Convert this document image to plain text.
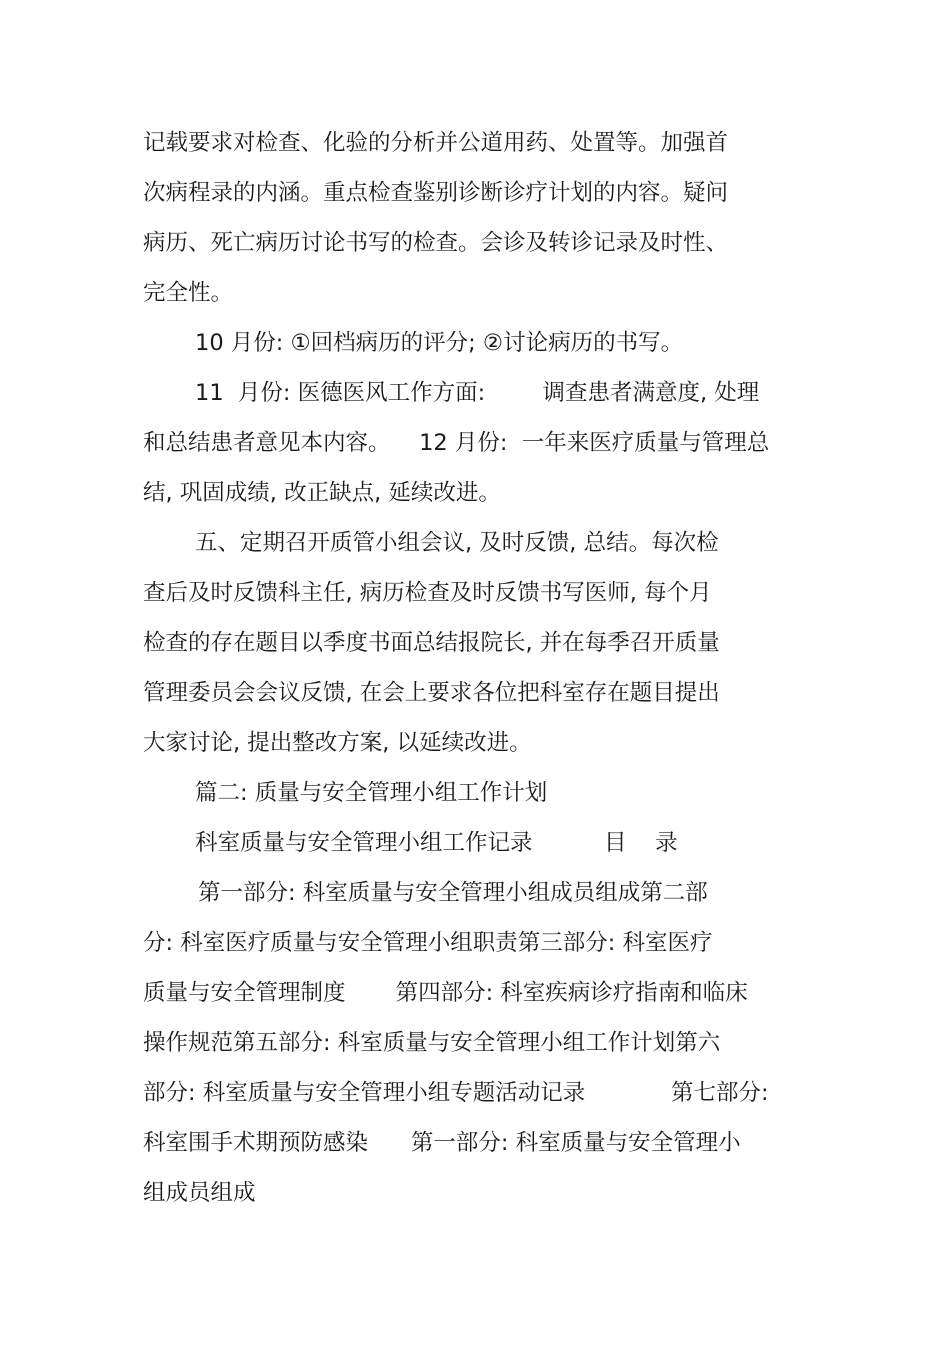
记载要求对检查、化验的分析并公道用药、处置等。加强首
次病程录的内涵。重点检查鉴别诊断诊疗计划的内容。疑问
病历、死亡病历讨论书写的检查。会诊及转诊记录及时性、
完全性。
10 月份: ①回档病历的评分; ②讨论病历的书写。
11  月份: 医德医风工作方面:        调查患者满意度, 处理
和总结患者意见本内容。    12 月份:  一年来医疗质量与管理总
结, 巩固成绩, 改正缺点, 延续改进。
五、定期召开质管小组会议, 及时反馈, 总结。每次检
查后及时反馈科主任, 病历检查及时反馈书写医师, 每个月
检查的存在题目以季度书面总结报院长, 并在每季召开质量
管理委员会会议反馈, 在会上要求各位把科室存在题目提出
大家讨论, 提出整改方案, 以延续改进。
篇二: 质量与安全管理小组工作计划
科室质量与安全管理小组工作记录          目    录
第一部分: 科室质量与安全管理小组成员组成第二部
分: 科室医疗质量与安全管理小组职责第三部分: 科室医疗
质量与安全管理制度       第四部分: 科室疾病诊疗指南和临床
操作规范第五部分: 科室质量与安全管理小组工作计划第六
部分: 科室质量与安全管理小组专题活动记录            第七部分:
科室围手术期预防感染      第一部分: 科室质量与安全管理小
组成员组成
